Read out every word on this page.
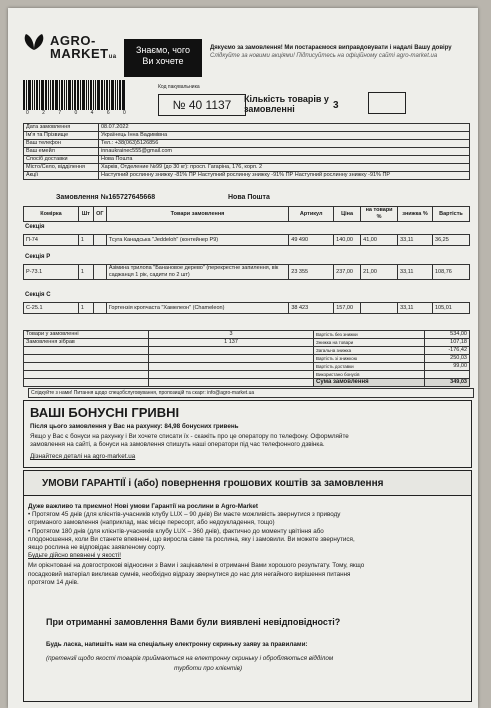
AGRO-
MARKETua
Знаємо, чого
Ви хочете
Дякуємо за замовлення! Ми постараємося виправдовувати і надалі Вашу довіру
Слідкуйте за новими акціями! Підписуйтесь на офіційному сайті agro-market.ua
0 2 7 0 4 6 0
Код пакувальника
№ 40 1137	Кількість товарів у замовленні	3
Дата замовлення	08.07.2022
Ім'я та Прізвище	Українець Інна Вадимівна
Ваш телефон	Тел.: +38(063)5126856
Ваш емейл	innaukrainec555@gmail.com
Спосіб доставки	Нова Пошта
Місто/Село, відділення	Харків, Отделение №99 (до 30 кг): просп. Гагаріна, 176, корп. 2
Акції	Наступний рослинну знижку -81% ПР Наступний рослинну знижку -91% ПР Наступний рослинну знижку -91% ПР
Замовлення №165727645668	Нова Пошта
Комірка	Шт	ОГ	Товари замовлення	Артикул	Ціна	на товари %	знижка %	Вартість
Секція
П-74	1		Тсуга Канадська "Jeddeloh" (контейнер Р9)	49 490	140,00	41,00	33,11	36,25
Секція Р
Р-73.1	1		Азімина трилопа "Банановое дерево" (перекрестне запилення, вік саджанця 1 рік, садити по 2 шт)	23 355	237,00	21,00	33,11	108,76
Секція С
С-25.1	1		Гортензія кропчаста "Хамелеон" (Chameleon)	38 423	157,00		33,11	105,01
Товари у замовленні	3	Вартість без знижки	534,00
Замовлення зібрав	1 137	Знижка на товари	107,18
		Загальна знижка	-176,42
		Вартість зі знижкою	250,03
		Вартість доставки	99,00
		Використано бонусів	
		Сума замовлення	349,03
Слідкуйте з нами! Питання щодо спецобслуговування, пропозицій та скарг: info@agro-market.ua
ВАШІ БОНУСНІ ГРИВНІ
Після цього замовлення у Вас на рахунку: 84,98 бонусних гривень
Якщо у Вас є бонуси на рахунку і Ви хочете списати їх - скажіть про це оператору по телефону. Оформляйте
замовлення на сайті, а бонуси на замовлення спишуть наші оператори під час телефонного дзвінка.
Дізнайтеся деталі на agro-market.ua
УМОВИ ГАРАНТІЇ і (або) повернення грошових коштів за замовлення
Дуже важливо та приємно! Нові умови Гарантії на рослини в Agro-Market
• Протягом 45 днів (для клієнтів-учасників клубу LUX – 90 днів) Ви маєте можливість звернутися з приводу
отриманого замовлення (наприклад, має місце пересорт, або недоукладення, тощо)
• Протягом 180 днів (для клієнтів-учасників клубу LUX – 360 днів), фактично до моменту цвітіння або
плодоношення, коли Ви станете впевнені, що виросла саме та рослина, яку і замовили. Ви можете звернутися,
якщо рослина не відповідає заявленому сорту.
Будьте дійсно впевнені у якості!
Ми орієнтовані на довгострокові відносини з Вами і зацікавлені в отриманні Вами хорошого результату. Тому, якщо
посадковий матеріал викликав сумнів, необхідно відразу звернутися до нас для негайного вирішення питання
протягом 14 днів.
При отриманні замовлення Вами були виявлені невідповідності?
Будь ласка, напишіть нам на спеціальну електронну скриньку заяву за правилами:
(претензії щодо якості товарів приймаються на електронну скриньку і обробляються відділом
турботи про клієнтів)
